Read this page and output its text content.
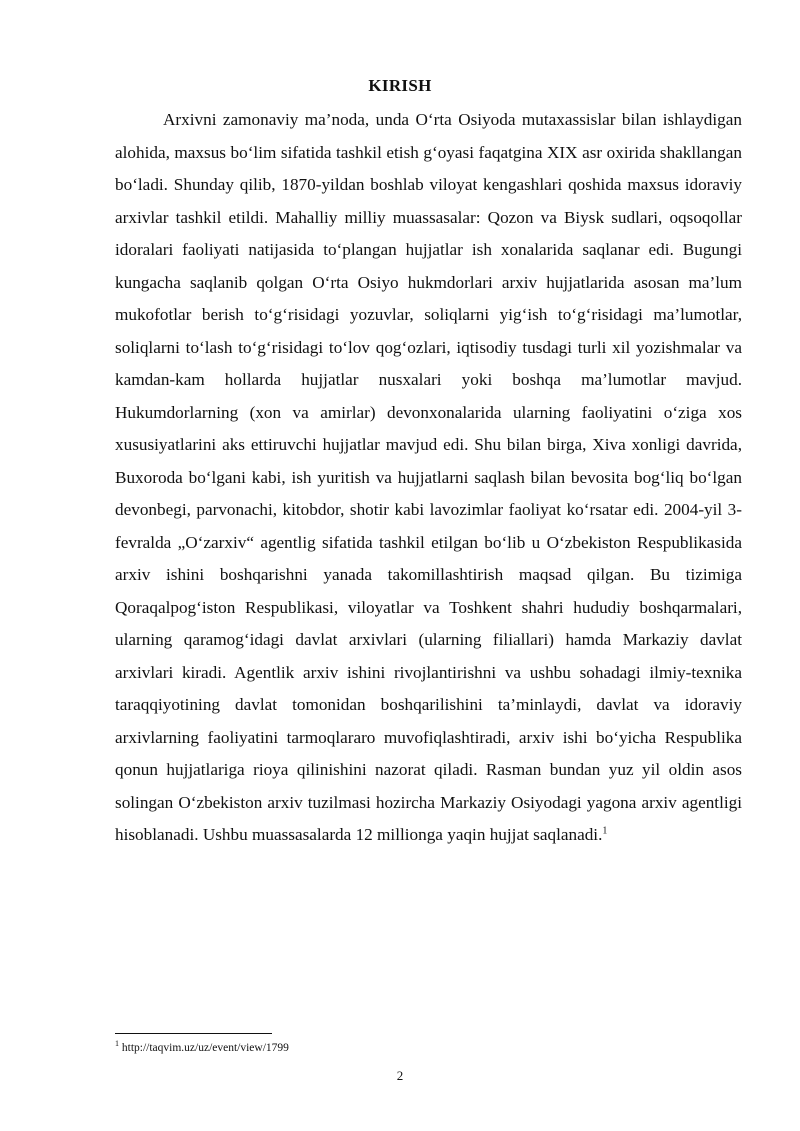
KIRISH

Arxivni zamonaviy ma’noda, unda O‘rta Osiyoda mutaxassislar bilan ishlaydigan alohida, maxsus bo‘lim sifatida tashkil etish g‘oyasi faqatgina XIX asr oxirida shakllangan bo‘ladi. Shunday qilib, 1870-yildan boshlab viloyat kengashlari qoshida maxsus idoraviy arxivlar tashkil etildi. Mahalliy milliy muassasalar: Qozon va Biysk sudlari, oqsoqollar idoralari faoliyati natijasida to‘plangan hujjatlar ish xonalarida saqlanar edi. Bugungi kungacha saqlanib qolgan O‘rta Osiyo hukmdorlari arxiv hujjatlarida asosan ma’lum mukofotlar berish to‘g‘risidagi yozuvlar, soliqlarni yig‘ish to‘g‘risidagi ma’lumotlar, soliqlarni to‘lash to‘g‘risidagi to‘lov qog‘ozlari, iqtisodiy tusdagi turli xil yozishmalar va kamdan-kam hollarda hujjatlar nusxalari yoki boshqa ma’lumotlar mavjud. Hukumdorlarning (xon va amirlar) devonxonalarida ularning faoliyatini o‘ziga xos xususiyatlarini aks ettiruvchi hujjatlar mavjud edi. Shu bilan birga, Xiva xonligi davrida, Buxoroda bo‘lgani kabi, ish yuritish va hujjatlarni saqlash bilan bevosita bog‘liq bo‘lgan devonbegi, parvonachi, kitobdor, shotir kabi lavozimlar faoliyat ko‘rsatar edi. 2004-yil 3-fevralda „O‘zarxiv“ agentlig sifatida tashkil etilgan bo‘lib u O‘zbekiston Respublikasida arxiv ishini boshqarishni yanada takomillashtirish maqsad qilgan. Bu tizimiga Qoraqalpog‘iston Respublikasi, viloyatlar va Toshkent shahri hududiy boshqarmalari, ularning qaramog‘idagi davlat arxivlari (ularning filiallari) hamda Markaziy davlat arxivlari kiradi. Agentlik arxiv ishini rivojlantirishni va ushbu sohadagi ilmiy-texnika taraqqiyotining davlat tomonidan boshqarilishini ta’minlaydi, davlat va idoraviy arxivlarning faoliyatini tarmoqlararo muvofiqlashtiradi, arxiv ishi bo‘yicha Respublika qonun hujjatlariga rioya qilinishini nazorat qiladi. Rasman bundan yuz yil oldin asos solingan O‘zbekiston arxiv tuzilmasi hozircha Markaziy Osiyodagi yagona arxiv agentligi hisoblanadi. Ushbu muassasalarda 12 millionga yaqin hujjat saqlanadi.$^1$

$^1$ http://taqvim.uz/uz/event/view/1799
2
